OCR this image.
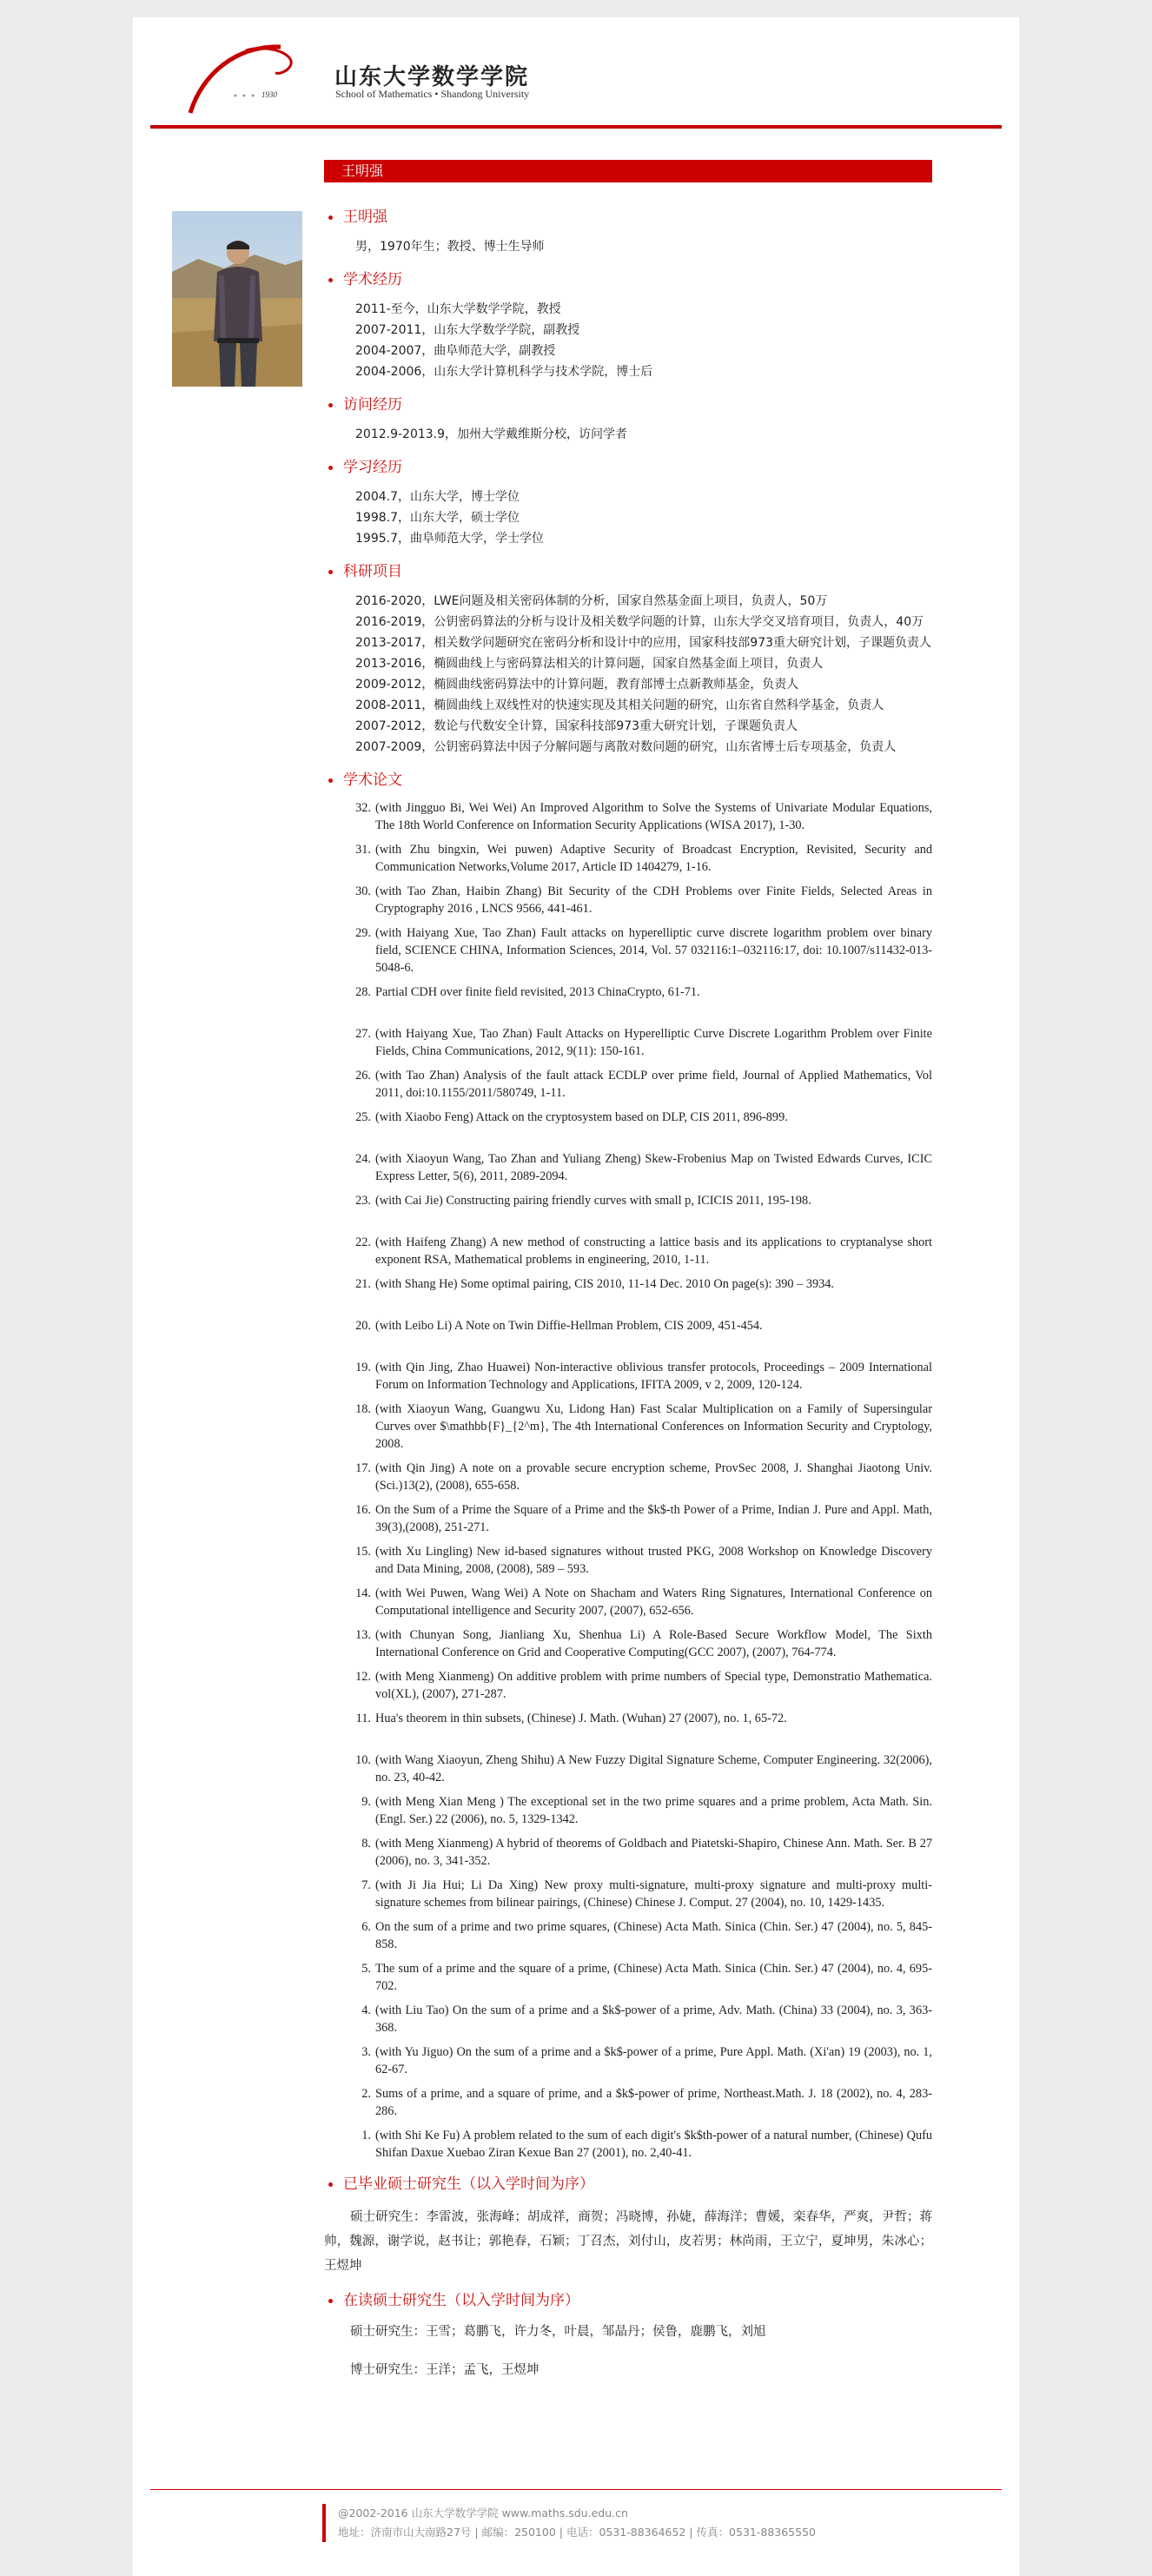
1930
山东大学数学学院
School of Mathematics • Shandong University
王明强
王明强

男，1970年生；教授、博士生导师

学术经历

2011-至今，山东大学数学学院，教授

2007-2011，山东大学数学学院，副教授

2004-2007，曲阜师范大学，副教授

2004-2006，山东大学计算机科学与技术学院，博士后

访问经历

2012.9-2013.9，加州大学戴维斯分校，访问学者

学习经历

2004.7，山东大学，博士学位

1998.7，山东大学，硕士学位

1995.7，曲阜师范大学，学士学位

科研项目

2016-2020，LWE问题及相关密码体制的分析，国家自然基金面上项目，负责人，50万

2016-2019，公钥密码算法的分析与设计及相关数学问题的计算，山东大学交叉培育项目，负责人，40万

2013-2017，相关数学问题研究在密码分析和设计中的应用，国家科技部973重大研究计划，子课题负责人

2013-2016，椭圆曲线上与密码算法相关的计算问题，国家自然基金面上项目，负责人

2009-2012，椭圆曲线密码算法中的计算问题，教育部博士点新教师基金，负责人

2008-2011，椭圆曲线上双线性对的快速实现及其相关问题的研究，山东省自然科学基金，负责人

2007-2012，数论与代数安全计算，国家科技部973重大研究计划，子课题负责人

2007-2009，公钥密码算法中因子分解问题与离散对数问题的研究，山东省博士后专项基金，负责人

学术论文
32. (with Jingguo Bi, Wei Wei) An Improved Algorithm to Solve the Systems of Univariate Modular Equations, The 18th World Conference on Information Security Applications (WISA 2017), 1-30.
31. (with Zhu bingxin, Wei puwen) Adaptive Security of Broadcast Encryption, Revisited, Security and Communication Networks,Volume 2017, Article ID 1404279, 1-16.
30. (with Tao Zhan, Haibin Zhang) Bit Security of the CDH Problems over Finite Fields, Selected Areas in Cryptography 2016 , LNCS 9566, 441-461.
29. (with Haiyang Xue, Tao Zhan) Fault attacks on hyperelliptic curve discrete logarithm problem over binary field, SCIENCE CHINA, Information Sciences, 2014, Vol. 57 032116:1–032116:17, doi: 10.1007/s11432-013-5048-6.
28. Partial CDH over finite field revisited, 2013 ChinaCrypto, 61-71.
27. (with Haiyang Xue, Tao Zhan) Fault Attacks on Hyperelliptic Curve Discrete Logarithm Problem over Finite Fields, China Communications, 2012, 9(11): 150-161.
26. (with Tao Zhan) Analysis of the fault attack ECDLP over prime field, Journal of Applied Mathematics, Vol 2011, doi:10.1155/2011/580749, 1-11.
25. (with Xiaobo Feng) Attack on the cryptosystem based on DLP, CIS 2011, 896-899.
24. (with Xiaoyun Wang, Tao Zhan and Yuliang Zheng) Skew-Frobenius Map on Twisted Edwards Curves, ICIC Express Letter, 5(6), 2011, 2089-2094.
23. (with Cai Jie) Constructing pairing friendly curves with small p, ICICIS 2011, 195-198.
22. (with Haifeng Zhang) A new method of constructing a lattice basis and its applications to cryptanalyse short exponent RSA, Mathematical problems in engineering, 2010, 1-11.
21. (with Shang He) Some optimal pairing, CIS 2010, 11-14 Dec. 2010 On page(s): 390 – 3934.
20. (with Leibo Li) A Note on Twin Diffie-Hellman Problem, CIS 2009, 451-454.
19. (with Qin Jing, Zhao Huawei) Non-interactive oblivious transfer protocols, Proceedings – 2009 International Forum on Information Technology and Applications, IFITA 2009, v 2, 2009, 120-124.
18. (with Xiaoyun Wang, Guangwu Xu, Lidong Han) Fast Scalar Multiplication on a Family of Supersingular Curves over $\mathbb{F}_{2^m}, The 4th International Conferences on Information Security and Cryptology, 2008.
17. (with Qin Jing) A note on a provable secure encryption scheme, ProvSec 2008, J. Shanghai Jiaotong Univ.(Sci.)13(2), (2008), 655-658.
16. On the Sum of a Prime the Square of a Prime and the $k$-th Power of a Prime, Indian J. Pure and Appl. Math, 39(3),(2008), 251-271.
15. (with Xu Lingling) New id-based signatures without trusted PKG, 2008 Workshop on Knowledge Discovery and Data Mining, 2008, (2008), 589 – 593.
14. (with Wei Puwen, Wang Wei) A Note on Shacham and Waters Ring Signatures, International Conference on Computational intelligence and Security 2007, (2007), 652-656.
13. (with Chunyan Song, Jianliang Xu, Shenhua Li) A Role-Based Secure Workflow Model, The Sixth International Conference on Grid and Cooperative Computing(GCC 2007), (2007), 764-774.
12. (with Meng Xianmeng) On additive problem with prime numbers of Special type, Demonstratio Mathematica. vol(XL), (2007), 271-287.
11. Hua's theorem in thin subsets, (Chinese) J. Math. (Wuhan) 27 (2007), no. 1, 65-72.
10. (with Wang Xiaoyun, Zheng Shihu) A New Fuzzy Digital Signature Scheme, Computer Engineering. 32(2006), no. 23, 40-42.
9. (with Meng Xian Meng ) The exceptional set in the two prime squares and a prime problem, Acta Math. Sin. (Engl. Ser.) 22 (2006), no. 5, 1329-1342.
8. (with Meng Xianmeng) A hybrid of theorems of Goldbach and Piatetski-Shapiro, Chinese Ann. Math. Ser. B 27 (2006), no. 3, 341-352.
7. (with Ji Jia Hui; Li Da Xing) New proxy multi-signature, multi-proxy signature and multi-proxy multi-signature schemes from bilinear pairings, (Chinese) Chinese J. Comput. 27 (2004), no. 10, 1429-1435.
6. On the sum of a prime and two prime squares, (Chinese) Acta Math. Sinica (Chin. Ser.) 47 (2004), no. 5, 845-858.
5. The sum of a prime and the square of a prime, (Chinese) Acta Math. Sinica (Chin. Ser.) 47 (2004), no. 4, 695-702.
4. (with Liu Tao) On the sum of a prime and a $k$-power of a prime, Adv. Math. (China) 33 (2004), no. 3, 363-368.
3. (with Yu Jiguo) On the sum of a prime and a $k$-power of a prime, Pure Appl. Math. (Xi'an) 19 (2003), no. 1, 62-67.
2. Sums of a prime, and a square of prime, and a $k$-power of prime, Northeast.Math. J. 18 (2002), no. 4, 283-286.
1. (with Shi Ke Fu) A problem related to the sum of each digit's $k$th-power of a natural number, (Chinese) Qufu Shifan Daxue Xuebao Ziran Kexue Ban 27 (2001), no. 2,40-41.
已毕业硕士研究生（以入学时间为序）
硕士研究生：李雷波，张海峰；胡成祥，商贺；冯晓博，孙婕，薛海洋；曹媛，栾春华，严爽，尹哲；蒋帅，魏源，谢学说，赵书让；郭艳春，石颖；丁召杰，刘付山，皮若男；林尚雨，王立宁，夏坤男，朱冰心；王煜坤
在读硕士研究生（以入学时间为序）
硕士研究生：王雪；葛鹏飞，许力冬，叶晨，邹晶丹；侯鲁，鹿鹏飞，刘旭
博士研究生：王洋；孟飞，王煜坤
@2002-2016 山东大学数学学院 www.maths.sdu.edu.cn
地址：济南市山大南路27号 | 邮编：250100 | 电话：0531-88364652 | 传真：0531-88365550
